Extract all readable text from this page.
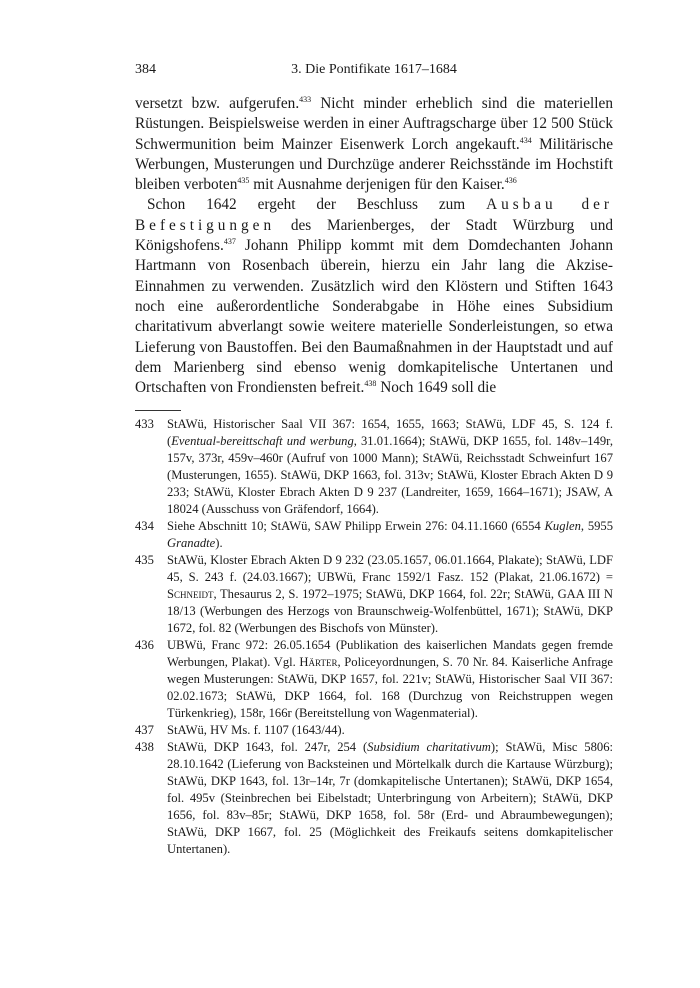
384	3. Die Pontifikate 1617–1684

versetzt bzw. aufgerufen.$^{433}$ Nicht minder erheblich sind die materiellen Rüstungen. Beispielsweise werden in einer Auftragscharge über 12 500 Stück Schwermunition beim Mainzer Eisenwerk Lorch angekauft.$^{434}$ Militärische Werbungen, Musterungen und Durchzüge anderer Reichsstände im Hochstift bleiben verboten$^{435}$ mit Ausnahme derjenigen für den Kaiser.$^{436}$

Schon 1642 ergeht der Beschluss zum Ausbau der Befestigungen des Marienberges, der Stadt Würzburg und Königshofens.$^{437}$ Johann Philipp kommt mit dem Domdechanten Johann Hartmann von Rosenbach überein, hierzu ein Jahr lang die Akzise-Einnahmen zu verwenden. Zusätzlich wird den Klöstern und Stiften 1643 noch eine außerordentliche Sonderabgabe in Höhe eines Subsidium charitativum abverlangt sowie weitere materielle Sonderleistungen, so etwa Lieferung von Baustoffen. Bei den Baumaßnahmen in der Hauptstadt und auf dem Marienberg sind ebenso wenig domkapitelische Untertanen und Ortschaften von Frondiensten befreit.$^{438}$ Noch 1649 soll die

433	StAWü, Historischer Saal VII 367: 1654, 1655, 1663; StAWü, LDF 45, S. 124 f. (Eventual-bereittschaft und werbung, 31.01.1664); StAWü, DKP 1655, fol. 148v–149r, 157v, 373r, 459v–460r (Aufruf von 1000 Mann); StAWü, Reichsstadt Schweinfurt 167 (Musterungen, 1655). StAWü, DKP 1663, fol. 313v; StAWü, Kloster Ebrach Akten D 9 233; StAWü, Kloster Ebrach Akten D 9 237 (Landreiter, 1659, 1664–1671); JSAW, A 18024 (Ausschuss von Gräfendorf, 1664).
434	Siehe Abschnitt 10; StAWü, SAW Philipp Erwein 276: 04.11.1660 (6554 Kuglen, 5955 Granadte).
435	StAWü, Kloster Ebrach Akten D 9 232 (23.05.1657, 06.01.1664, Plakate); StAWü, LDF 45, S. 243 f. (24.03.1667); UBWü, Franc 1592/1 Fasz. 152 (Plakat, 21.06.1672) = Schneidt, Thesaurus 2, S. 1972–1975; StAWü, DKP 1664, fol. 22r; StAWü, GAA III N 18/13 (Werbungen des Herzogs von Braunschweig-Wolfenbüttel, 1671); StAWü, DKP 1672, fol. 82 (Werbungen des Bischofs von Münster).
436	UBWü, Franc 972: 26.05.1654 (Publikation des kaiserlichen Mandats gegen fremde Werbungen, Plakat). Vgl. Härter, Policeyordnungen, S. 70 Nr. 84. Kaiserliche Anfrage wegen Musterungen: StAWü, DKP 1657, fol. 221v; StAWü, Historischer Saal VII 367: 02.02.1673; StAWü, DKP 1664, fol. 168 (Durchzug von Reichstruppen wegen Türkenkrieg), 158r, 166r (Bereitstellung von Wagenmaterial).
437	StAWü, HV Ms. f. 1107 (1643/44).
438	StAWü, DKP 1643, fol. 247r, 254 (Subsidium charitativum); StAWü, Misc 5806: 28.10.1642 (Lieferung von Backsteinen und Mörtelkalk durch die Kartause Würzburg); StAWü, DKP 1643, fol. 13r–14r, 7r (domkapitelische Untertanen); StAWü, DKP 1654, fol. 495v (Steinbrechen bei Eibelstadt; Unterbringung von Arbeitern); StAWü, DKP 1656, fol. 83v–85r; StAWü, DKP 1658, fol. 58r (Erd- und Abraumbewegungen); StAWü, DKP 1667, fol. 25 (Möglichkeit des Freikaufs seitens domkapitelischer Untertanen).
